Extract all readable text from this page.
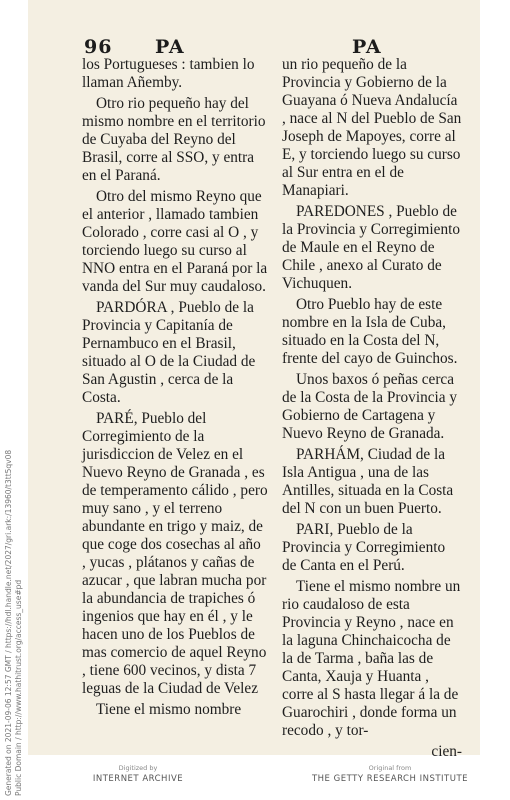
96 PA	PA

los Portugueses : tambien lo llaman Añemby.

Otro rio pequeño hay del mismo nombre en el territorio de Cuyaba del Reyno del Brasil, corre al SSO, y entra en el Paraná.

Otro del mismo Reyno que el anterior , llamado tambien Colorado , corre casi al O , y torciendo luego su curso al NNO entra en el Paraná por la vanda del Sur muy caudaloso.

PARDÓRA , Pueblo de la Provincia y Capitanía de Pernambuco en el Brasil, situado al O de la Ciudad de San Agustin , cerca de la Costa.

PARÉ, Pueblo del Corregimiento de la jurisdiccion de Velez en el Nuevo Reyno de Granada , es de temperamento cálido , pero muy sano , y el terreno abundante en trigo y maiz, de que coge dos cosechas al año , yucas , plátanos y cañas de azucar , que labran mucha por la abundancia de trapiches ó ingenios que hay en él , y le hacen uno de los Pueblos de mas comercio de aquel Reyno , tiene 600 vecinos, y dista 7 leguas de la Ciudad de Velez

Tiene el mismo nombre

un rio pequeño de la Provincia y Gobierno de la Guayana ó Nueva Andalucía , nace al N del Pueblo de San Joseph de Mapoyes, corre al E, y torciendo luego su curso al Sur entra en el de Manapiari.

PAREDONES , Pueblo de la Provincia y Corregimiento de Maule en el Reyno de Chile , anexo al Curato de Vichuquen.

Otro Pueblo hay de este nombre en la Isla de Cuba, situado en la Costa del N, frente del cayo de Guinchos.

Unos baxos ó peñas cerca de la Costa de la Provincia y Gobierno de Cartagena y Nuevo Reyno de Granada.

PARHÁM, Ciudad de la Isla Antigua , una de las Antilles, situada en la Costa del N con un buen Puerto.

PARI, Pueblo de la Provincia y Corregimiento de Canta en el Perú.

Tiene el mismo nombre un rio caudaloso de esta Provincia y Reyno , nace en la laguna Chinchaicocha de la de Tarma , baña las de Canta, Xauja y Huanta , corre al S hasta llegar á la de Guarochiri , donde forma un recodo , y tor-

cien-

Generated on 2021-09-06 12:57 GMT / https://hdl.handle.net/2027/gri.ark:/13960/t3tt5qv08 Public Domain / http://www.hathitrust.org/access_use#pd	Digitized by
INTERNET ARCHIVE
Original from
THE GETTY RESEARCH INSTITUTE
